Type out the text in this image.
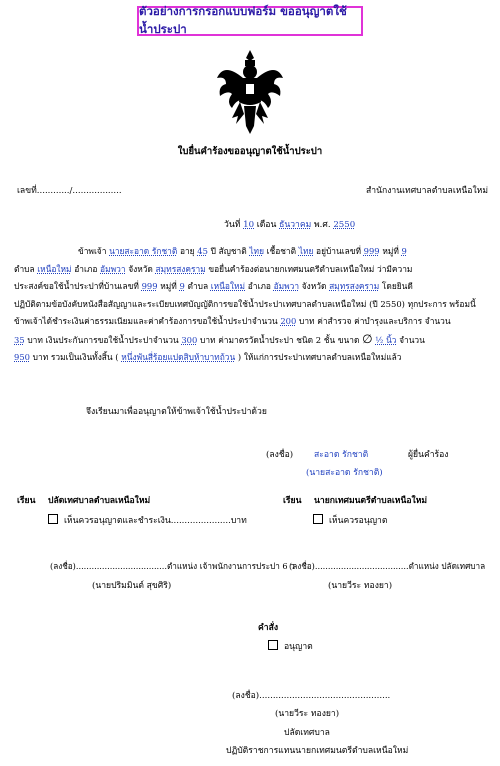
ตัวอย่างการกรอกแบบฟอร์ม ขออนุญาตใช้น้ำประปา
ใบยื่นคำร้องขออนุญาตใช้น้ำประปา
เลขที่............/..................	สำนักงานเทศบาลตำบลเหนือใหม่
วันที่ 10 เดือน ธันวาคม พ.ศ. 2550
ข้าพเจ้า นายสะอาด รักชาติ อายุ 45 ปี สัญชาติ ไทย เชื้อชาติ ไทย อยู่บ้านเลขที่ 999 หมู่ที่ 9
ตำบล เหนือใหม่ อำเภอ อัมพวา จังหวัด สมุทรสงคราม ขอยื่นคำร้องต่อนายกเทศมนตรีตำบลเหนือใหม่ ว่ามีความ
ประสงค์ขอใช้น้ำประปาที่บ้านเลขที่ 999 หมู่ที่ 9 ตำบล เหนือใหม่ อำเภอ อัมพวา จังหวัด สมุทรสงคราม โดยยินดี
ปฏิบัติตามข้อบังคับหนังสือสัญญาและระเบียบเทศบัญญัติการขอใช้น้ำประปาเทศบาลตำบลเหนือใหม่ (ปี 2550) ทุกประการ พร้อมนี้
ข้าพเจ้าได้ชำระเงินค่าธรรมเนียมและค่าคำร้องการขอใช้น้ำประปาจำนวน 200 บาท ค่าสำรวจ ค่าบำรุงและบริการ จำนวน
35 บาท เงินประกันการขอใช้น้ำประปาจำนวน 300 บาท ค่ามาตรวัดน้ำประปา ชนิด 2 ชั้น ขนาด ∅ ½ นิ้ว จำนวน
950 บาท รวมเป็นเงินทั้งสิ้น ( หนึ่งพันสี่ร้อยแปดสิบห้าบาทถ้วน ) ให้แก่การประปาเทศบาลตำบลเหนือใหม่แล้ว
จึงเรียนมาเพื่ออนุญาตให้ข้าพเจ้าใช้น้ำประปาด้วย
(ลงชื่อ) สะอาด รักชาติ	ผู้ยื่นคำร้อง
(นายสะอาด รักชาติ)
เรียน ปลัดเทศบาลตำบลเหนือใหม่
เห็นควรอนุญาตและชำระเงิน......................บาท
เรียน นายกเทศมนตรีตำบลเหนือใหม่
เห็นควรอนุญาต
(ลงชื่อ)...................................ตำแหน่ง เจ้าพนักงานการประปา 6 ว
(นายปริมมินต์ สุขศิริ)
(ลงชื่อ)....................................ตำแหน่ง ปลัดเทศบาล
(นายวีระ ทองยา)
คำสั่ง
อนุญาต
(ลงชื่อ)................................................
(นายวีระ ทองยา)
ปลัดเทศบาล
ปฏิบัติราชการแทนนายกเทศมนตรีตำบลเหนือใหม่
